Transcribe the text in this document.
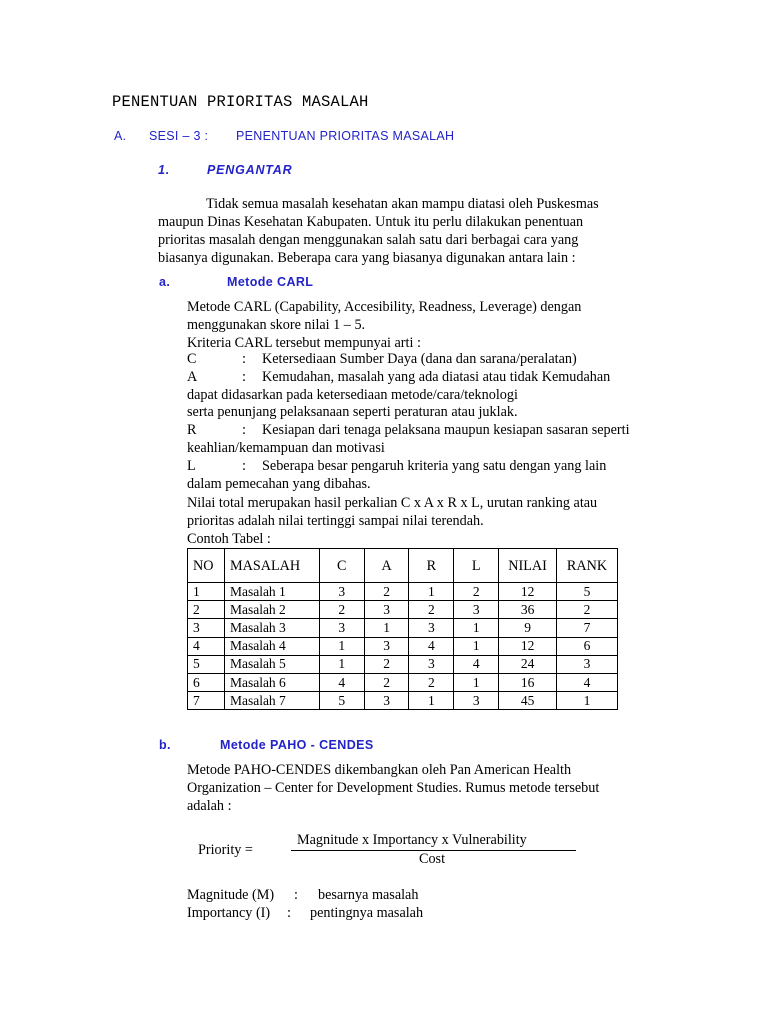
PENENTUAN PRIORITAS MASALAH
A. SESI – 3 : PENENTUAN PRIORITAS MASALAH
1.	PENGANTAR
Tidak semua masalah kesehatan akan mampu diatasi oleh Puskesmas
maupun Dinas Kesehatan Kabupaten. Untuk itu perlu dilakukan penentuan
prioritas masalah dengan menggunakan salah satu dari berbagai cara yang
biasanya digunakan. Beberapa cara yang biasanya digunakan antara lain :
a.	Metode CARL
Metode CARL (Capability, Accesibility, Readness, Leverage) dengan
menggunakan skore nilai 1 – 5.
Kriteria CARL tersebut mempunyai arti :
C	: Ketersediaan Sumber Daya (dana dan sarana/peralatan)
A	: Kemudahan, masalah yang ada diatasi atau tidak Kemudahan
dapat didasarkan pada ketersediaan metode/cara/teknologi
serta penunjang pelaksanaan seperti peraturan atau juklak.
R	: Kesiapan dari tenaga pelaksana maupun kesiapan sasaran seperti
keahlian/kemampuan dan motivasi
L	: Seberapa besar pengaruh kriteria yang satu dengan yang lain
dalam pemecahan yang dibahas.
Nilai total merupakan hasil perkalian C x A x R x L, urutan ranking atau
prioritas adalah nilai tertinggi sampai nilai terendah.
Contoh Tabel :
NO	MASALAH	C	A	R	L	NILAI	RANK
1	Masalah 1	3	2	1	2	12	5
2	Masalah 2	2	3	2	3	36	2
3	Masalah 3	3	1	3	1	9	7
4	Masalah 4	1	3	4	1	12	6
5	Masalah 5	1	2	3	4	24	3
6	Masalah 6	4	2	2	1	16	4
7	Masalah 7	5	3	1	3	45	1
b.	Metode PAHO - CENDES
Metode PAHO-CENDES dikembangkan oleh Pan American Health
Organization – Center for Development Studies. Rumus metode tersebut
adalah :
Priority =
Magnitude x Importancy x Vulnerability
Cost
Magnitude (M) : besarnya masalah
Importancy (I) : pentingnya masalah
